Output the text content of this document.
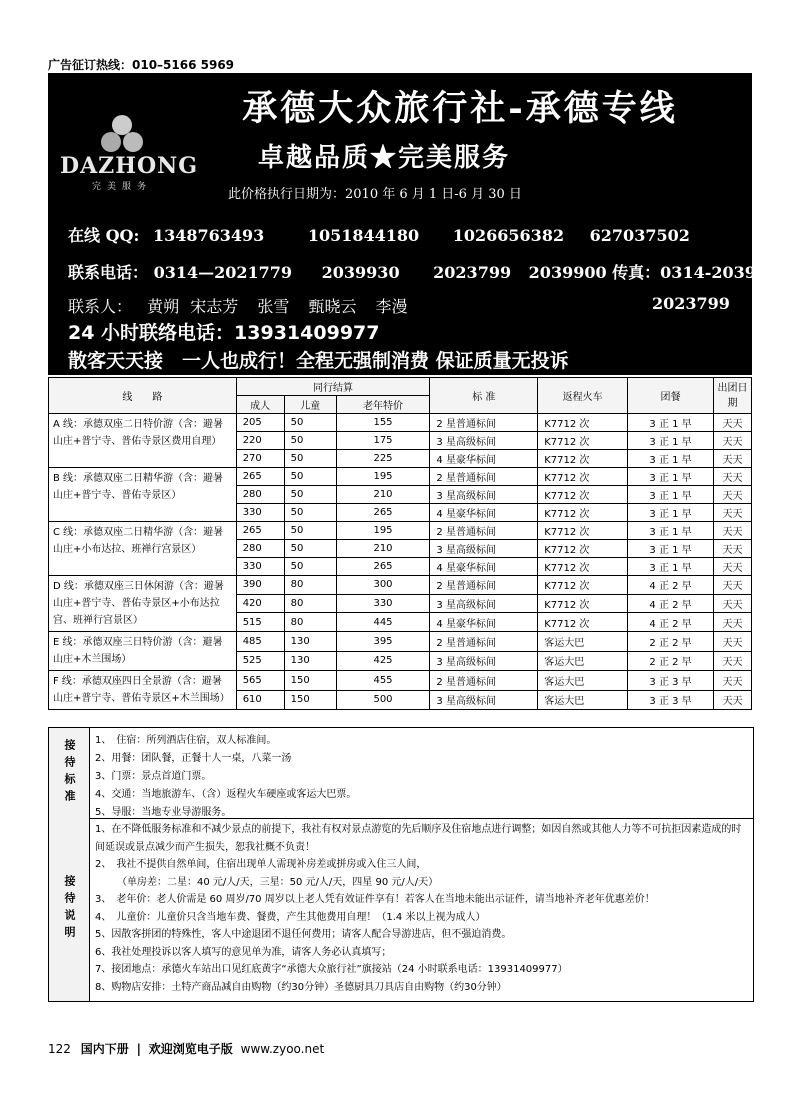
广告征订热线：010–5166 5969
承德大众旅行社-承德专线
DAZHONG
完美服务
卓越品质★完美服务
此价格执行日期为：2010 年 6 月 1 日-6 月 30 日
在线 QQ: 1348763493	1051844180 1026656382 627037502
联系电话： 0314—2021779 2039930 2023799 2039900 传真：0314-2039900
联系人： 黄朔 宋志芳 张雪 甄晓云 李漫	2023799
24 小时联络电话：13931409977
散客天天接　一人也成行！全程无强制消费 保证质量无投诉
线　　路	同行结算			标 准	返程火车	团餐	出团日期
	成人	儿童	老年特价				
A 线：承德双座二日特价游（含：避暑山庄+普宁寺、普佑寺景区费用自理）	205	50	155	2 星普通标间	K7712 次	3 正 1 早	天天
	220	50	175	3 星高级标间	K7712 次	3 正 1 早	天天
	270	50	225	4 星豪华标间	K7712 次	3 正 1 早	天天
B 线：承德双座二日精华游（含：避暑山庄+普宁寺、普佑寺景区）	265	50	195	2 星普通标间	K7712 次	3 正 1 早	天天
	280	50	210	3 星高级标间	K7712 次	3 正 1 早	天天
	330	50	265	4 星豪华标间	K7712 次	3 正 1 早	天天
C 线：承德双座二日精华游（含：避暑山庄+小布达拉、班禅行宫景区）	265	50	195	2 星普通标间	K7712 次	3 正 1 早	天天
	280	50	210	3 星高级标间	K7712 次	3 正 1 早	天天
	330	50	265	4 星豪华标间	K7712 次	3 正 1 早	天天
D 线：承德双座三日休闲游（含：避暑山庄+普宁寺、普佑寺景区+小布达拉宫、班禅行宫景区）	390	80	300	2 星普通标间	K7712 次	4 正 2 早	天天
	420	80	330	3 星高级标间	K7712 次	4 正 2 早	天天
	515	80	445	4 星豪华标间	K7712 次	4 正 2 早	天天
E 线：承德双座三日特价游（含：避暑山庄+木兰围场）	485	130	395	2 星普通标间	客运大巴	2 正 2 早	天天
	525	130	425	3 星高级标间	客运大巴	2 正 2 早	天天
F 线：承德双座四日全景游（含：避暑山庄+普宁寺、普佑寺景区+木兰围场）	565	150	455	2 星普通标间	客运大巴	3 正 3 早	天天
	610	150	500	3 星高级标间	客运大巴	3 正 3 早	天天
接待标准	1、　住宿：所列酒店住宿，双人标准间。
2、用餐：团队餐，正餐十人一桌，八菜一汤
3、门票：景点首道门票。
4、交通：当地旅游车、（含）返程火车硬座或客运大巴票。
5、导服：当地专业导游服务。
接待说明
1、在不降低服务标准和不减少景点的前提下，我社有权对景点游览的先后顺序及住宿地点进行调整；如因自然或其他人力等不可抗拒因素造成的时间延误或景点减少而产生损失，恕我社概不负责！
2、　我社不提供自然单间，住宿出现单人需现补房差或拼房或入住三人间，
（单房差：二星：40 元/人/天，三星：50 元/人/天，四星 90 元/人/天）
3、　老年价：老人价需是 60 周岁/70 周岁以上老人凭有效证件享有！若客人在当地未能出示证件，请当地补齐老年优惠差价！
4、　儿童价：儿童价只含当地车费、餐费，产生其他费用自理！（1.4 米以上视为成人）
5、因散客拼团的特殊性，客人中途退团不退任何费用；请客人配合导游进店，但不强迫消费。
6、我社处理投诉以客人填写的意见单为准，请客人务必认真填写；
7、接团地点：承德火车站出口见红底黄字“承德大众旅行社”旗接站（24 小时联系电话：13931409977）
8、购物店安排：土特产商品减自由购物（约30分钟）圣德厨具刀具店自由购物（约30分钟）
122 国内下册 | 欢迎浏览电子版 www.zyoo.net
